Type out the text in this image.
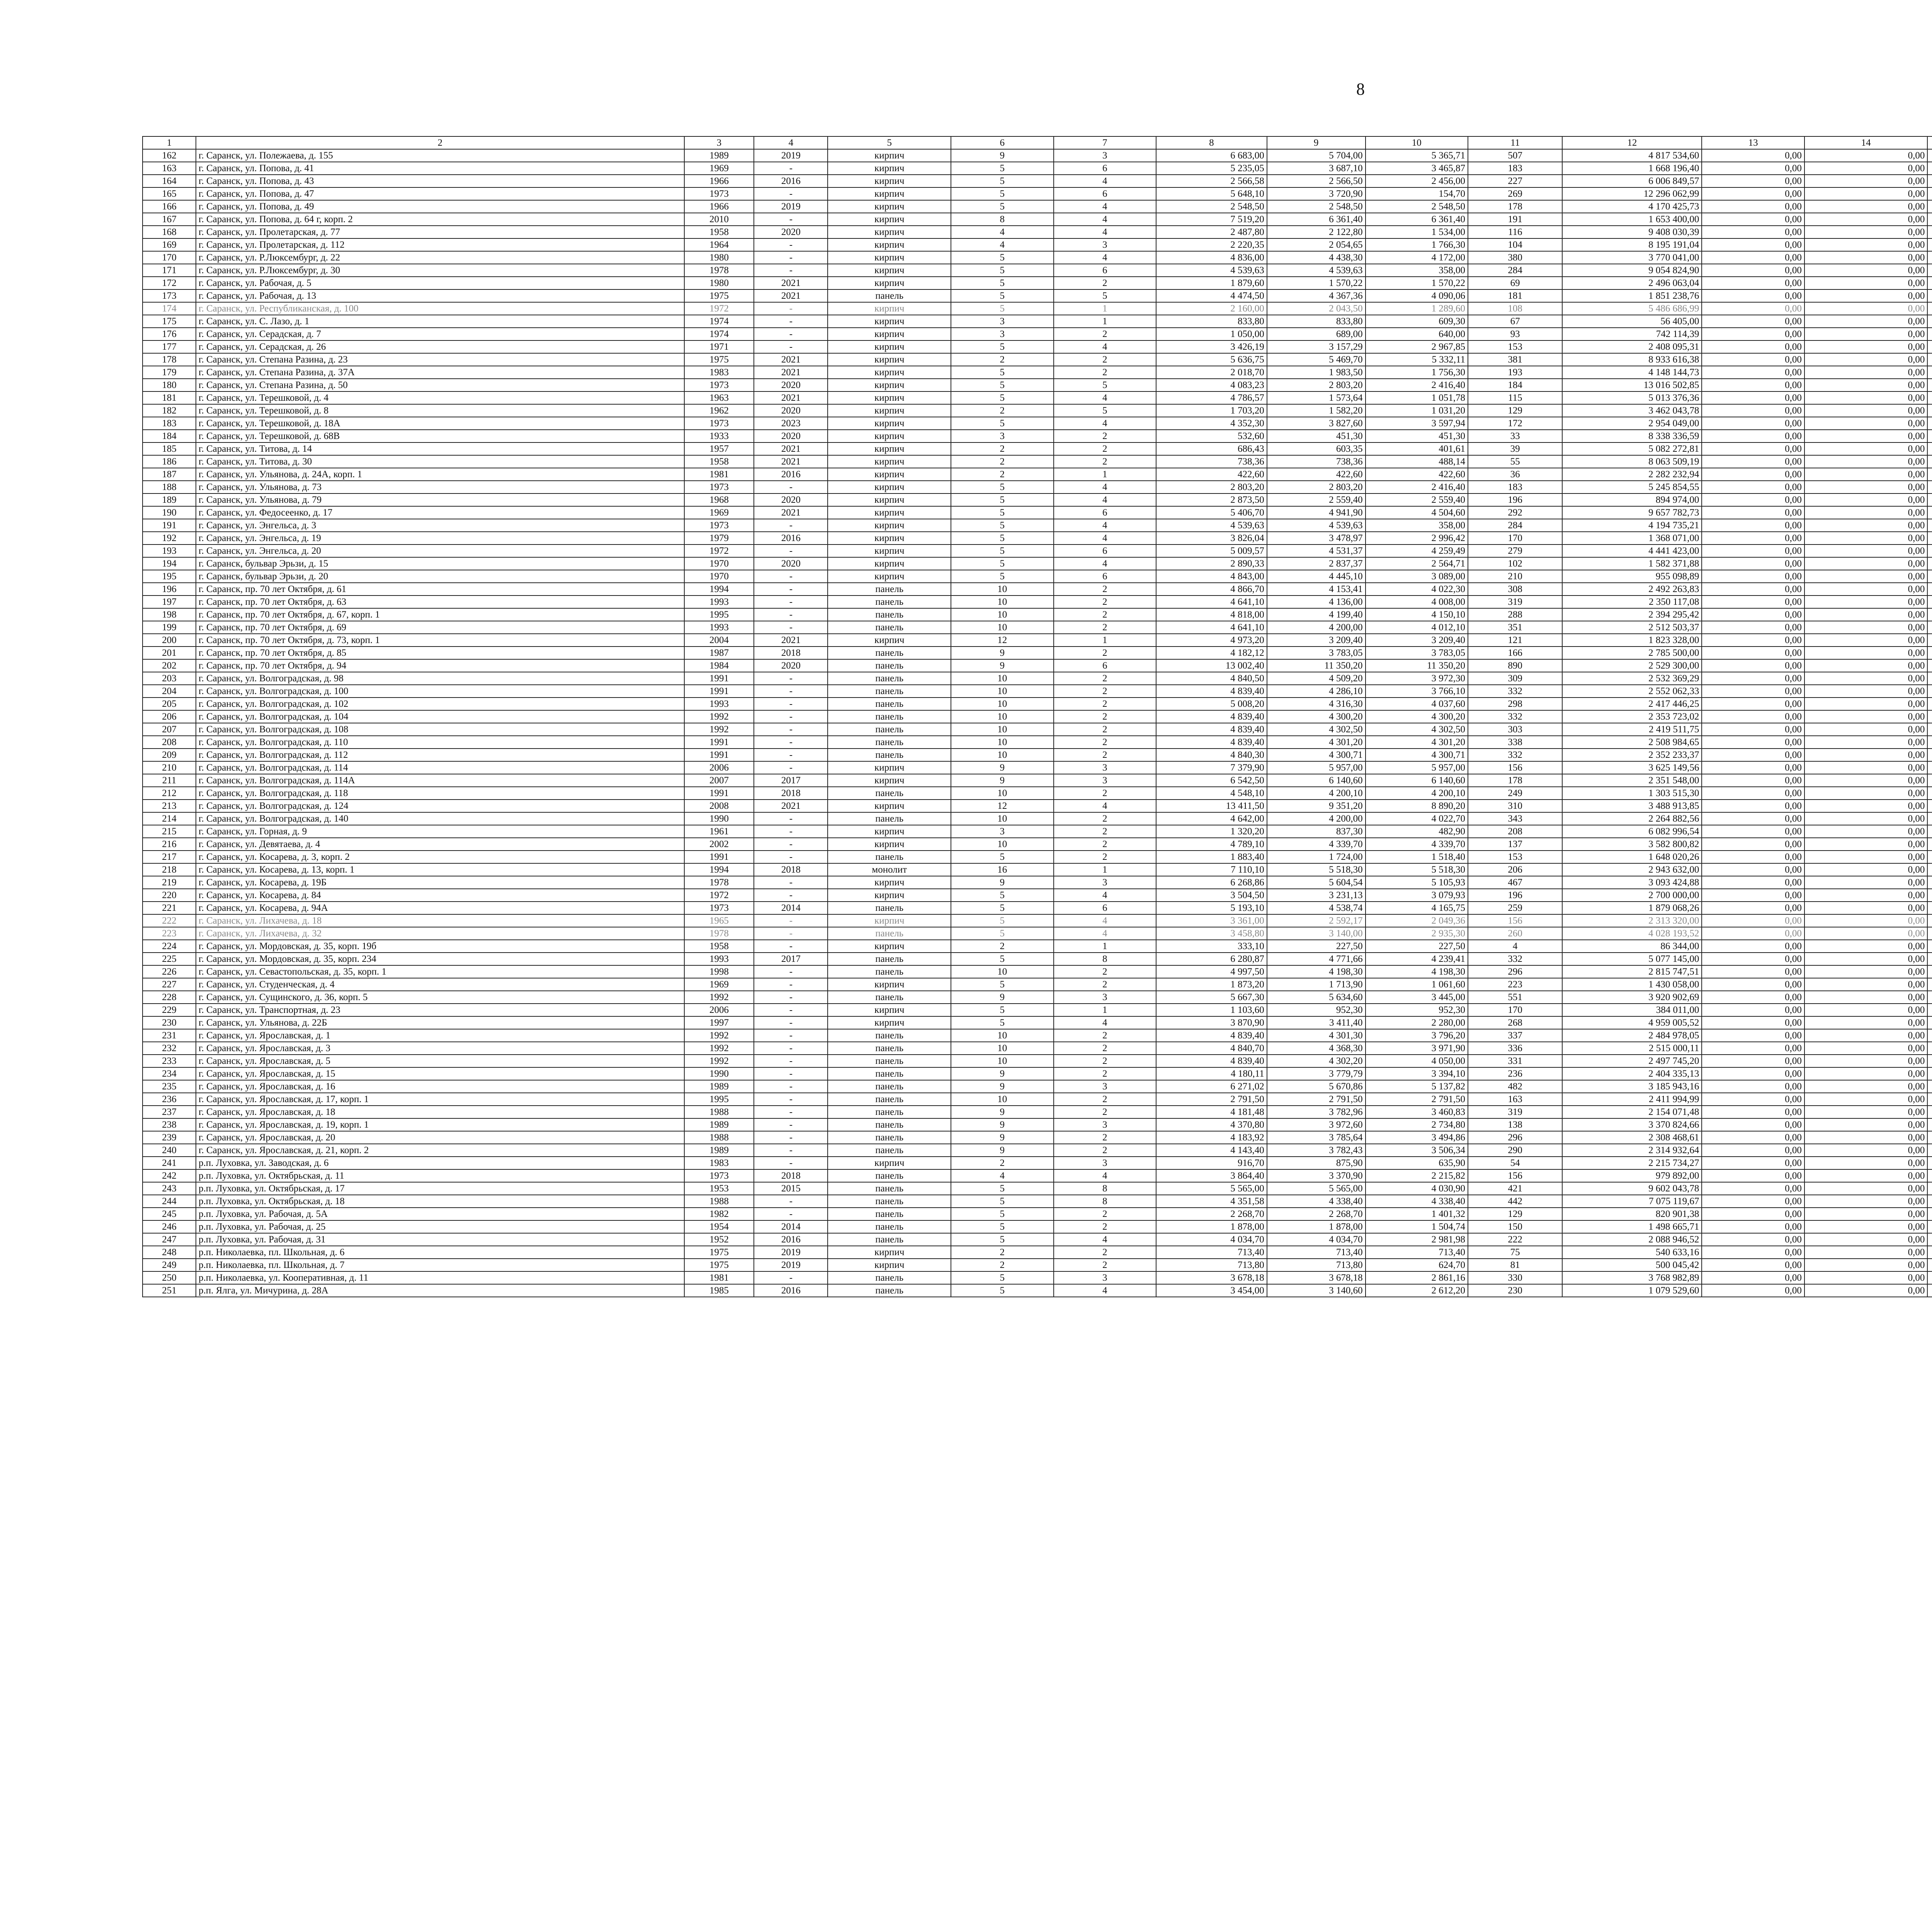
8
1	2	3	4	5	6	7	8	9	10	11	12	13	14					
162	г. Саранск, ул. Полежаева, д. 155	1989	2019	кирпич	9	3	6 683,00	5 704,00	5 365,71	507	4 817 534,60	0,00	0,00					
163	г. Саранск, ул. Попова, д. 41	1969	-	кирпич	5	6	5 235,05	3 687,10	3 465,87	183	1 668 196,40	0,00	0,00					
164	г. Саранск, ул. Попова, д. 43	1966	2016	кирпич	5	4	2 566,58	2 566,50	2 456,00	227	6 006 849,57	0,00	0,00					
165	г. Саранск, ул. Попова, д. 47	1973	-	кирпич	5	6	5 648,10	3 720,90	154,70	269	12 296 062,99	0,00	0,00					
166	г. Саранск, ул. Попова, д. 49	1966	2019	кирпич	5	4	2 548,50	2 548,50	2 548,50	178	4 170 425,73	0,00	0,00					
167	г. Саранск, ул. Попова, д. 64 г, корп. 2	2010	-	кирпич	8	4	7 519,20	6 361,40	6 361,40	191	1 653 400,00	0,00	0,00					
168	г. Саранск, ул. Пролетарская, д. 77	1958	2020	кирпич	4	4	2 487,80	2 122,80	1 534,00	116	9 408 030,39	0,00	0,00					
169	г. Саранск, ул. Пролетарская, д. 112	1964	-	кирпич	4	3	2 220,35	2 054,65	1 766,30	104	8 195 191,04	0,00	0,00					
170	г. Саранск, ул. Р.Люксембург, д. 22	1980	-	кирпич	5	4	4 836,00	4 438,30	4 172,00	380	3 770 041,00	0,00	0,00					
171	г. Саранск, ул. Р.Люксембург, д. 30	1978	-	кирпич	5	6	4 539,63	4 539,63	358,00	284	9 054 824,90	0,00	0,00					
172	г. Саранск, ул. Рабочая, д. 5	1980	2021	кирпич	5	2	1 879,60	1 570,22	1 570,22	69	2 496 063,04	0,00	0,00					
173	г. Саранск, ул. Рабочая, д. 13	1975	2021	панель	5	5	4 474,50	4 367,36	4 090,06	181	1 851 238,76	0,00	0,00					
174	г. Саранск, ул. Республиканская, д. 100	1972	-	кирпич	5	1	2 160,00	2 043,50	1 289,60	108	5 486 686,99	0,00	0,00					
175	г. Саранск, ул. С. Лазо, д. 1	1974	-	кирпич	3	1	833,80	833,80	609,30	67	56 405,00	0,00	0,00					
176	г. Саранск, ул. Серадская, д. 7	1974	-	кирпич	3	2	1 050,00	689,00	640,00	93	742 114,39	0,00	0,00					
177	г. Саранск, ул. Серадская, д. 26	1971	-	кирпич	5	4	3 426,19	3 157,29	2 967,85	153	2 408 095,31	0,00	0,00					
178	г. Саранск, ул. Степана Разина, д. 23	1975	2021	кирпич	2	2	5 636,75	5 469,70	5 332,11	381	8 933 616,38	0,00	0,00					
179	г. Саранск, ул. Степана Разина, д. 37А	1983	2021	кирпич	5	2	2 018,70	1 983,50	1 756,30	193	4 148 144,73	0,00	0,00					
180	г. Саранск, ул. Степана Разина, д. 50	1973	2020	кирпич	5	5	4 083,23	2 803,20	2 416,40	184	13 016 502,85	0,00	0,00					
181	г. Саранск, ул. Терешковой, д. 4	1963	2021	кирпич	5	4	4 786,57	1 573,64	1 051,78	115	5 013 376,36	0,00	0,00					
182	г. Саранск, ул. Терешковой, д. 8	1962	2020	кирпич	2	5	1 703,20	1 582,20	1 031,20	129	3 462 043,78	0,00	0,00					
183	г. Саранск, ул. Терешковой, д. 18А	1973	2023	кирпич	5	4	4 352,30	3 827,60	3 597,94	172	2 954 049,00	0,00	0,00					
184	г. Саранск, ул. Терешковой, д. 68В	1933	2020	кирпич	3	2	532,60	451,30	451,30	33	8 338 336,59	0,00	0,00					
185	г. Саранск, ул. Титова, д. 14	1957	2021	кирпич	2	2	686,43	603,35	401,61	39	5 082 272,81	0,00	0,00					
186	г. Саранск, ул. Титова, д. 30	1958	2021	кирпич	2	2	738,36	738,36	488,14	55	8 063 509,19	0,00	0,00					
187	г. Саранск, ул. Ульянова, д. 24А, корп. 1	1981	2016	кирпич	2	1	422,60	422,60	422,60	36	2 282 232,94	0,00	0,00					
188	г. Саранск, ул. Ульянова, д. 73	1973	-	кирпич	5	4	2 803,20	2 803,20	2 416,40	183	5 245 854,55	0,00	0,00					
189	г. Саранск, ул. Ульянова, д. 79	1968	2020	кирпич	5	4	2 873,50	2 559,40	2 559,40	196	894 974,00	0,00	0,00					
190	г. Саранск, ул. Федосеенко, д. 17	1969	2021	кирпич	5	6	5 406,70	4 941,90	4 504,60	292	9 657 782,73	0,00	0,00					
191	г. Саранск, ул. Энгельса, д. 3	1973	-	кирпич	5	4	4 539,63	4 539,63	358,00	284	4 194 735,21	0,00	0,00					
192	г. Саранск, ул. Энгельса, д. 19	1979	2016	кирпич	5	4	3 826,04	3 478,97	2 996,42	170	1 368 071,00	0,00	0,00					
193	г. Саранск, ул. Энгельса, д. 20	1972	-	кирпич	5	6	5 009,57	4 531,37	4 259,49	279	4 441 423,00	0,00	0,00					
194	г. Саранск, бульвар Эрьзи, д. 15	1970	2020	кирпич	5	4	2 890,33	2 837,37	2 564,71	102	1 582 371,88	0,00	0,00					
195	г. Саранск, бульвар Эрьзи, д. 20	1970	-	кирпич	5	6	4 843,00	4 445,10	3 089,00	210	955 098,89	0,00	0,00					
196	г. Саранск, пр. 70 лет Октября, д. 61	1994	-	панель	10	2	4 866,70	4 153,41	4 022,30	308	2 492 263,83	0,00	0,00					
197	г. Саранск, пр. 70 лет Октября, д. 63	1993	-	панель	10	2	4 641,10	4 136,00	4 008,00	319	2 350 117,08	0,00	0,00					
198	г. Саранск, пр. 70 лет Октября, д. 67, корп. 1	1995	-	панель	10	2	4 818,00	4 199,40	4 150,10	288	2 394 295,42	0,00	0,00					
199	г. Саранск, пр. 70 лет Октября, д. 69	1993	-	панель	10	2	4 641,10	4 200,00	4 012,10	351	2 512 503,37	0,00	0,00					
200	г. Саранск, пр. 70 лет Октября, д. 73, корп. 1	2004	2021	кирпич	12	1	4 973,20	3 209,40	3 209,40	121	1 823 328,00	0,00	0,00					
201	г. Саранск, пр. 70 лет Октября, д. 85	1987	2018	панель	9	2	4 182,12	3 783,05	3 783,05	166	2 785 500,00	0,00	0,00					
202	г. Саранск, пр. 70 лет Октября, д. 94	1984	2020	панель	9	6	13 002,40	11 350,20	11 350,20	890	2 529 300,00	0,00	0,00					
203	г. Саранск, ул. Волгоградская, д. 98	1991	-	панель	10	2	4 840,50	4 509,20	3 972,30	309	2 532 369,29	0,00	0,00					
204	г. Саранск, ул. Волгоградская, д. 100	1991	-	панель	10	2	4 839,40	4 286,10	3 766,10	332	2 552 062,33	0,00	0,00					
205	г. Саранск, ул. Волгоградская, д. 102	1993	-	панель	10	2	5 008,20	4 316,30	4 037,60	298	2 417 446,25	0,00	0,00					
206	г. Саранск, ул. Волгоградская, д. 104	1992	-	панель	10	2	4 839,40	4 300,20	4 300,20	332	2 353 723,02	0,00	0,00					
207	г. Саранск, ул. Волгоградская, д. 108	1992	-	панель	10	2	4 839,40	4 302,50	4 302,50	303	2 419 511,75	0,00	0,00					
208	г. Саранск, ул. Волгоградская, д. 110	1991	-	панель	10	2	4 839,40	4 301,20	4 301,20	338	2 508 984,65	0,00	0,00					
209	г. Саранск, ул. Волгоградская, д. 112	1991	-	панель	10	2	4 840,30	4 300,71	4 300,71	332	2 352 233,37	0,00	0,00					
210	г. Саранск, ул. Волгоградская, д. 114	2006	-	кирпич	9	3	7 379,90	5 957,00	5 957,00	156	3 625 149,56	0,00	0,00					
211	г. Саранск, ул. Волгоградская, д. 114А	2007	2017	кирпич	9	3	6 542,50	6 140,60	6 140,60	178	2 351 548,00	0,00	0,00					
212	г. Саранск, ул. Волгоградская, д. 118	1991	2018	панель	10	2	4 548,10	4 200,10	4 200,10	249	1 303 515,30	0,00	0,00					
213	г. Саранск, ул. Волгоградская, д. 124	2008	2021	кирпич	12	4	13 411,50	9 351,20	8 890,20	310	3 488 913,85	0,00	0,00					
214	г. Саранск, ул. Волгоградская, д. 140	1990	-	панель	10	2	4 642,00	4 200,00	4 022,70	343	2 264 882,56	0,00	0,00					
215	г. Саранск, ул. Горная, д. 9	1961	-	кирпич	3	2	1 320,20	837,30	482,90	208	6 082 996,54	0,00	0,00					
216	г. Саранск, ул. Девятаева, д. 4	2002	-	кирпич	10	2	4 789,10	4 339,70	4 339,70	137	3 582 800,82	0,00	0,00					
217	г. Саранск, ул. Косарева, д. 3, корп. 2	1991	-	панель	5	2	1 883,40	1 724,00	1 518,40	153	1 648 020,26	0,00	0,00					
218	г. Саранск, ул. Косарева, д. 13, корп. 1	1994	2018	монолит	16	1	7 110,10	5 518,30	5 518,30	206	2 943 632,00	0,00	0,00					
219	г. Саранск, ул. Косарева, д. 19Б	1978	-	кирпич	9	3	6 268,86	5 604,54	5 105,93	467	3 093 424,88	0,00	0,00					
220	г. Саранск, ул. Косарева, д. 84	1972	-	кирпич	5	4	3 504,50	3 231,13	3 079,93	196	2 700 000,00	0,00	0,00					
221	г. Саранск, ул. Косарева, д. 94А	1973	2014	панель	5	6	5 193,10	4 538,74	4 165,75	259	1 879 068,26	0,00	0,00					
222	г. Саранск, ул. Лихачева, д. 18	1965	-	кирпич	5	4	3 361,00	2 592,17	2 049,36	156	2 313 320,00	0,00	0,00					
223	г. Саранск, ул. Лихачева, д. 32	1978	-	панель	5	4	3 458,80	3 140,00	2 935,30	260	4 028 193,52	0,00	0,00					
224	г. Саранск, ул. Мордовская, д. 35, корп. 19б	1958	-	кирпич	2	1	333,10	227,50	227,50	4	86 344,00	0,00	0,00					
225	г. Саранск, ул. Мордовская, д. 35, корп. 234	1993	2017	панель	5	8	6 280,87	4 771,66	4 239,41	332	5 077 145,00	0,00	0,00					
226	г. Саранск, ул. Севастопольская, д. 35, корп. 1	1998	-	панель	10	2	4 997,50	4 198,30	4 198,30	296	2 815 747,51	0,00	0,00					
227	г. Саранск, ул. Студенческая, д. 4	1969	-	кирпич	5	2	1 873,20	1 713,90	1 061,60	223	1 430 058,00	0,00	0,00					
228	г. Саранск, ул. Сущинского, д. 36, корп. 5	1992	-	панель	9	3	5 667,30	5 634,60	3 445,00	551	3 920 902,69	0,00	0,00					
229	г. Саранск, ул. Транспортная, д. 23	2006	-	кирпич	5	1	1 103,60	952,30	952,30	170	384 011,00	0,00	0,00					
230	г. Саранск, ул. Ульянова, д. 22Б	1997	-	кирпич	5	4	3 870,90	3 411,40	2 280,00	268	4 959 005,52	0,00	0,00					
231	г. Саранск, ул. Ярославская, д. 1	1992	-	панель	10	2	4 839,40	4 301,30	3 796,20	337	2 484 978,05	0,00	0,00					
232	г. Саранск, ул. Ярославская, д. 3	1992	-	панель	10	2	4 840,70	4 368,30	3 971,90	336	2 515 000,11	0,00	0,00					
233	г. Саранск, ул. Ярославская, д. 5	1992	-	панель	10	2	4 839,40	4 302,20	4 050,00	331	2 497 745,20	0,00	0,00					
234	г. Саранск, ул. Ярославская, д. 15	1990	-	панель	9	2	4 180,11	3 779,79	3 394,10	236	2 404 335,13	0,00	0,00					
235	г. Саранск, ул. Ярославская, д. 16	1989	-	панель	9	3	6 271,02	5 670,86	5 137,82	482	3 185 943,16	0,00	0,00					
236	г. Саранск, ул. Ярославская, д. 17, корп. 1	1995	-	панель	10	2	2 791,50	2 791,50	2 791,50	163	2 411 994,99	0,00	0,00					
237	г. Саранск, ул. Ярославская, д. 18	1988	-	панель	9	2	4 181,48	3 782,96	3 460,83	319	2 154 071,48	0,00	0,00					
238	г. Саранск, ул. Ярославская, д. 19, корп. 1	1989	-	панель	9	3	4 370,80	3 972,60	2 734,80	138	3 370 824,66	0,00	0,00					
239	г. Саранск, ул. Ярославская, д. 20	1988	-	панель	9	2	4 183,92	3 785,64	3 494,86	296	2 308 468,61	0,00	0,00					
240	г. Саранск, ул. Ярославская, д. 21, корп. 2	1989	-	панель	9	2	4 143,40	3 782,43	3 506,34	290	2 314 932,64	0,00	0,00					
241	р.п. Луховка, ул. Заводская, д. 6	1983	-	кирпич	2	3	916,70	875,90	635,90	54	2 215 734,27	0,00	0,00					
242	р.п. Луховка, ул. Октябрьская, д. 11	1973	2018	панель	4	4	3 864,40	3 370,90	2 215,82	156	979 892,00	0,00	0,00					
243	р.п. Луховка, ул. Октябрьская, д. 17	1953	2015	панель	5	8	5 565,00	5 565,00	4 030,90	421	9 602 043,78	0,00	0,00					
244	р.п. Луховка, ул. Октябрьская, д. 18	1988	-	панель	5	8	4 351,58	4 338,40	4 338,40	442	7 075 119,67	0,00	0,00					
245	р.п. Луховка, ул. Рабочая, д. 5А	1982	-	панель	5	2	2 268,70	2 268,70	1 401,32	129	820 901,38	0,00	0,00					
246	р.п. Луховка, ул. Рабочая, д. 25	1954	2014	панель	5	2	1 878,00	1 878,00	1 504,74	150	1 498 665,71	0,00	0,00					
247	р.п. Луховка, ул. Рабочая, д. 31	1952	2016	панель	5	4	4 034,70	4 034,70	2 981,98	222	2 088 946,52	0,00	0,00					
248	р.п. Николаевка, пл. Школьная, д. 6	1975	2019	кирпич	2	2	713,40	713,40	713,40	75	540 633,16	0,00	0,00					
249	р.п. Николаевка, пл. Школьная, д. 7	1975	2019	кирпич	2	2	713,80	713,80	624,70	81	500 045,42	0,00	0,00					
250	р.п. Николаевка, ул. Кооперативная, д. 11	1981	-	панель	5	3	3 678,18	3 678,18	2 861,16	330	3 768 982,89	0,00	0,00					
251	р.п. Ялга, ул. Мичурина, д. 28А	1985	2016	панель	5	4	3 454,00	3 140,60	2 612,20	230	1 079 529,60	0,00	0,00					
